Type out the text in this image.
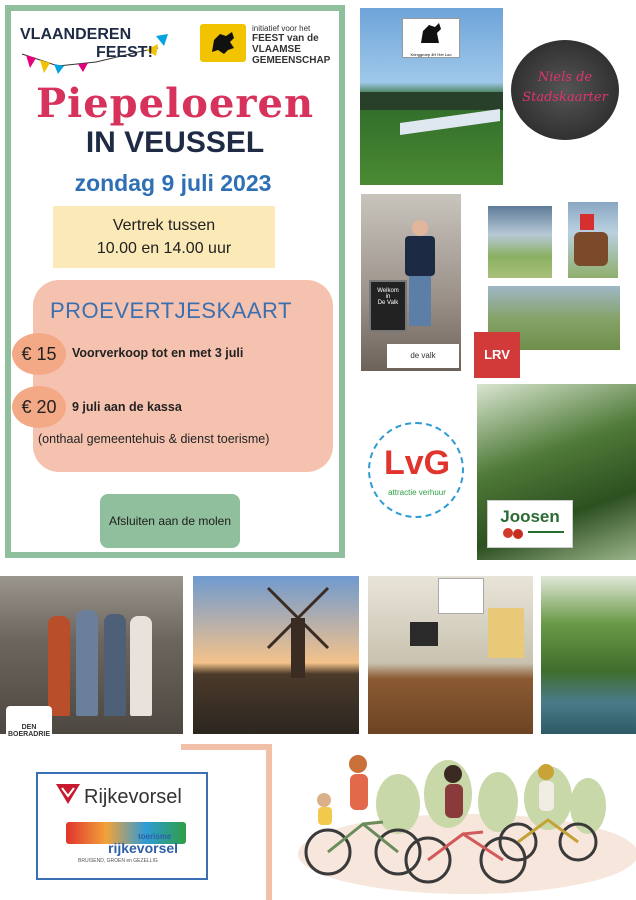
VLAANDEREN
FEEST!
initiatief voor het
FEEST van de
VLAAMSE
GEMEENSCHAP
Piepeloeren
IN VEUSSEL
zondag 9 juli 2023
Vertrek tussen
10.00 en 14.00 uur
PROEVERTJESKAART
€ 15	Voorverkoop tot en met 3 juli
€ 20	9 juli aan de kassa
(onthaal gemeentehuis & dienst toerisme)
Afsluiten aan de molen
Kringgroep 4H Het Loo
Niels de
Stadskaarter
Welkom
in
De Valk
de valk	LRV
LvG
attractie verhuur
Joosen
DEN
BOERADRIE
Rijkevorsel
toerisme
rijkevorsel
BRUISEND, GROEN en GEZELLIG
